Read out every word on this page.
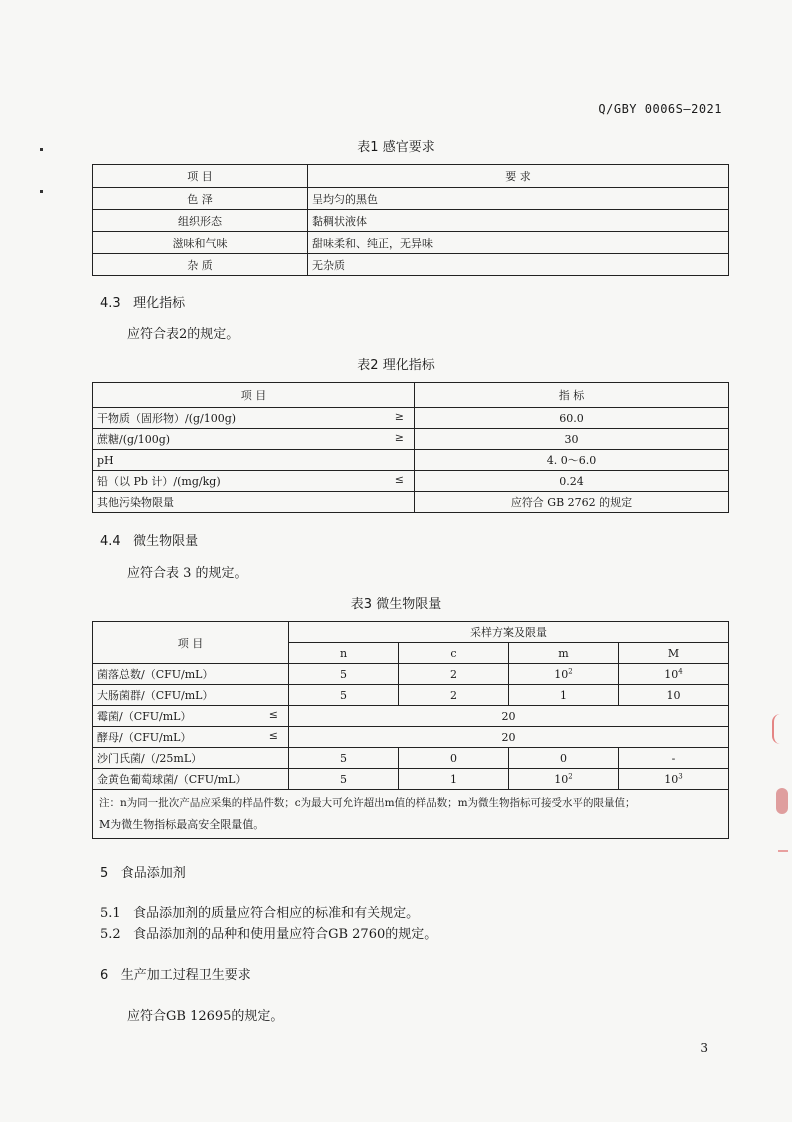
Q/GBY 0006S—2021
表1 感官要求
项 目	要 求
色 泽	呈均匀的黑色
组织形态	黏稠状液体
滋味和气味	甜味柔和、纯正，无异味
杂 质	无杂质
4.3 理化指标
应符合表2的规定。
表2 理化指标
项 目	指 标
干物质（固形物）/(g/100g) ≥	60.0
蔗糖/(g/100g) ≥	30
pH	4. 0～6.0
铅（以 Pb 计）/(mg/kg) ≤	0.24
其他污染物限量	应符合 GB 2762 的规定
4.4 微生物限量
应符合表 3 的规定。
表3 微生物限量
项 目	采样方案及限量			
	n	c	m	M
菌落总数/（CFU/mL）	5	2	$10^2$	$10^4$
大肠菌群/（CFU/mL）	5	2	1	10
霉菌/（CFU/mL） ≤	20			
酵母/（CFU/mL） ≤	20			
沙门氏菌/（/25mL）	5	0	0	-
金黄色葡萄球菌/（CFU/mL）	5	1	$10^2$	$10^3$

注：n为同一批次产品应采集的样品件数；c为最大可允许超出m值的样品数；m为微生物指标可接受水平的限量值；
M为微生物指标最高安全限量值。				
5 食品添加剂
5.1 食品添加剂的质量应符合相应的标准和有关规定。
5.2 食品添加剂的品种和使用量应符合GB 2760的规定。
6 生产加工过程卫生要求
应符合GB 12695的规定。
3
